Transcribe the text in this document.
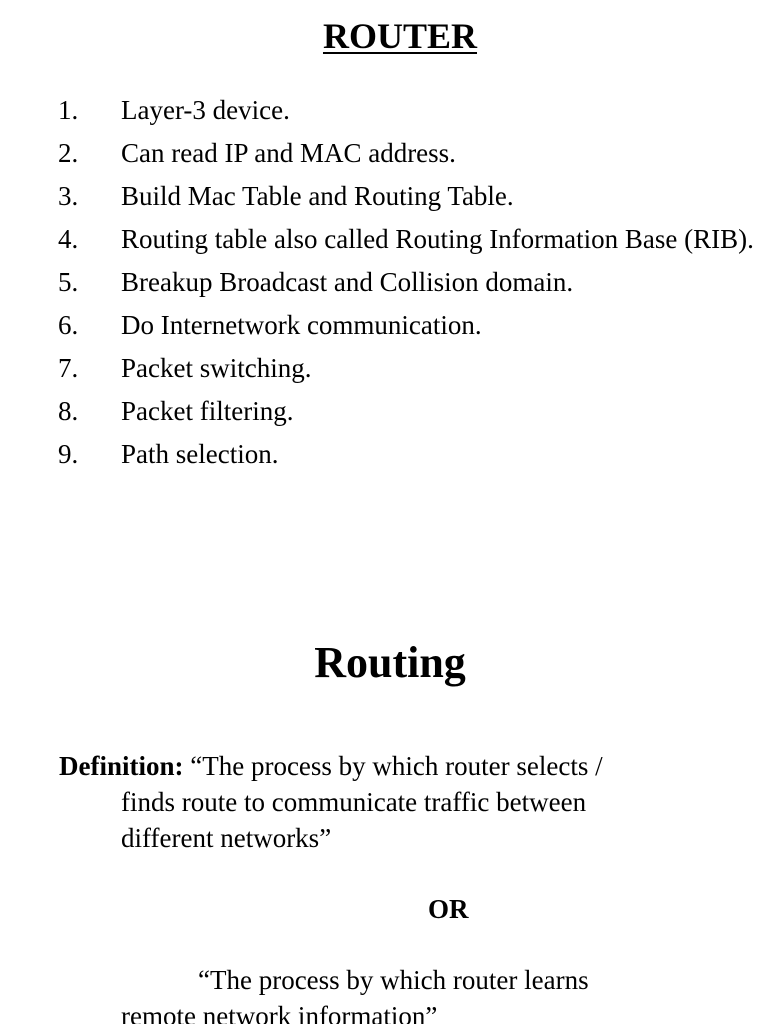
ROUTER
1.	Layer-3 device.
2.	Can read IP and MAC address.
3.	Build Mac Table and Routing Table.
4.	Routing table also called Routing Information Base (RIB).
5.	Breakup Broadcast and Collision domain.
6.	Do Internetwork communication.
7.	Packet switching.
8.	Packet filtering.
9.	Path selection.
Routing
Definition: “The process by which router selects /
finds route to communicate traffic between
different networks”
OR
“The process by which router learns
remote network information”
